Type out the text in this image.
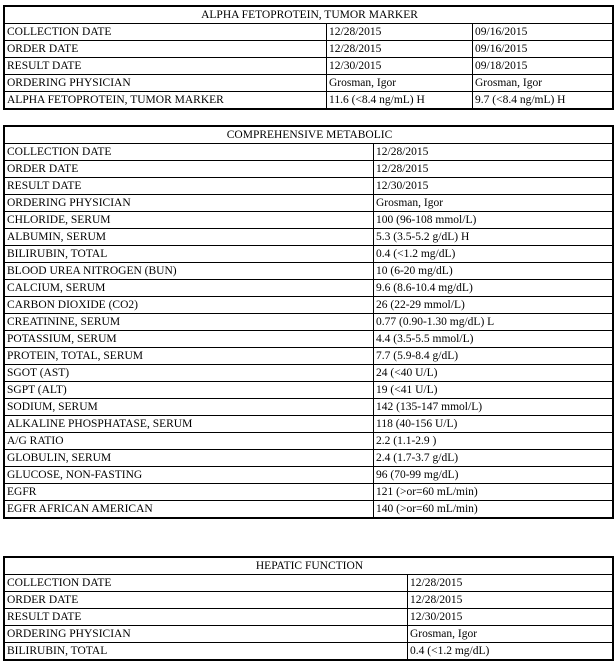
ALPHA FETOPROTEIN, TUMOR MARKER		
COLLECTION DATE	12/28/2015	09/16/2015
ORDER DATE	12/28/2015	09/16/2015
RESULT DATE	12/30/2015	09/18/2015
ORDERING PHYSICIAN	Grosman, Igor	Grosman, Igor
ALPHA FETOPROTEIN, TUMOR MARKER	11.6 (<8.4 ng/mL) H	9.7 (<8.4 ng/mL) H
COMPREHENSIVE METABOLIC	
COLLECTION DATE	12/28/2015
ORDER DATE	12/28/2015
RESULT DATE	12/30/2015
ORDERING PHYSICIAN	Grosman, Igor
CHLORIDE, SERUM	100 (96-108 mmol/L)
ALBUMIN, SERUM	5.3 (3.5-5.2 g/dL) H
BILIRUBIN, TOTAL	0.4 (<1.2 mg/dL)
BLOOD UREA NITROGEN (BUN)	10 (6-20 mg/dL)
CALCIUM, SERUM	9.6 (8.6-10.4 mg/dL)
CARBON DIOXIDE (CO2)	26 (22-29 mmol/L)
CREATININE, SERUM	0.77 (0.90-1.30 mg/dL) L
POTASSIUM, SERUM	4.4 (3.5-5.5 mmol/L)
PROTEIN, TOTAL, SERUM	7.7 (5.9-8.4 g/dL)
SGOT (AST)	24 (<40 U/L)
SGPT (ALT)	19 (<41 U/L)
SODIUM, SERUM	142 (135-147 mmol/L)
ALKALINE PHOSPHATASE, SERUM	118 (40-156 U/L)
A/G RATIO	2.2 (1.1-2.9 )
GLOBULIN, SERUM	2.4 (1.7-3.7 g/dL)
GLUCOSE, NON-FASTING	96 (70-99 mg/dL)
EGFR	121 (>or=60 mL/min)
EGFR AFRICAN AMERICAN	140 (>or=60 mL/min)
HEPATIC FUNCTION	
COLLECTION DATE	12/28/2015
ORDER DATE	12/28/2015
RESULT DATE	12/30/2015
ORDERING PHYSICIAN	Grosman, Igor
BILIRUBIN, TOTAL	0.4 (<1.2 mg/dL)
